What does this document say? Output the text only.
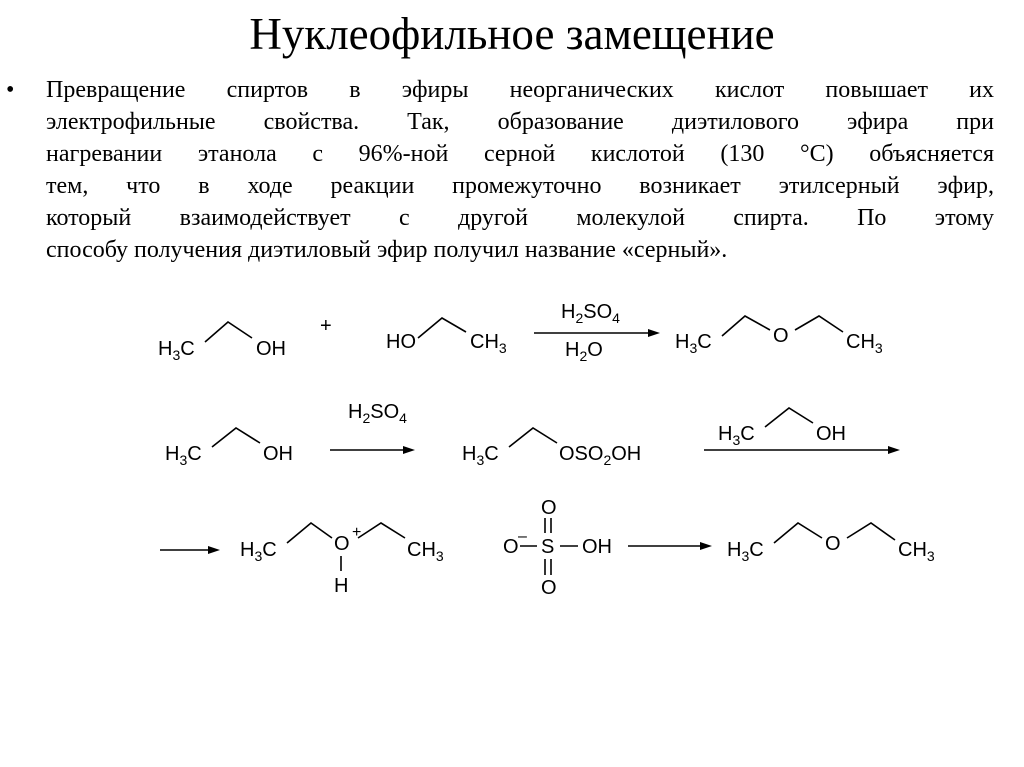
Нуклеофильное замещение
•	Превращение спиртов в эфиры неорганических кислот повышает их
электрофильные свойства. Так, образование диэтилового эфира при
нагревании этанола с 96%-ной серной кислотой (130 °С) объясняется
тем, что в ходе реакции промежуточно возникает этилсерный эфир,
который взаимодействует с другой молекулой спирта. По этому
способу получения диэтиловый эфир получил название «серный».
$H_3C$	OH
+
HO	$CH_3$
$H_2SO_4$
$H_2O$	$H_3C$	O	$CH_3$
$H_3C$	OH
$H_2SO_4$
$H_3C$	$OSO_2OH$
$H_3C$	OH
$H_3C$	O
+
$CH_3$
H
O – S
O
O
OH	$H_3C$	O	$CH_3$
